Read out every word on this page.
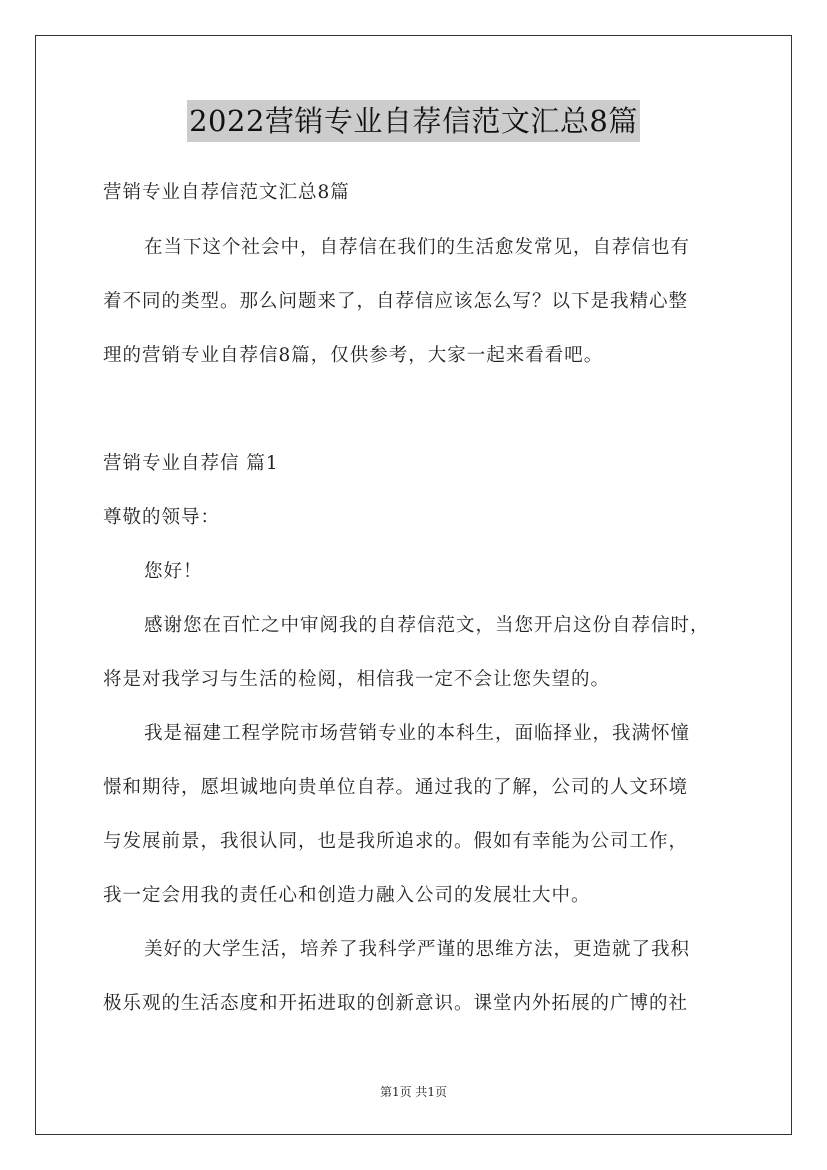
2022营销专业自荐信范文汇总8篇
营销专业自荐信范文汇总8篇
在当下这个社会中，自荐信在我们的生活愈发常见，自荐信也有
着不同的类型。那么问题来了，自荐信应该怎么写？以下是我精心整
理的营销专业自荐信8篇，仅供参考，大家一起来看看吧。
营销专业自荐信 篇1
尊敬的领导：
您好！
感谢您在百忙之中审阅我的自荐信范文，当您开启这份自荐信时，
将是对我学习与生活的检阅，相信我一定不会让您失望的。
我是福建工程学院市场营销专业的本科生，面临择业，我满怀憧
憬和期待，愿坦诚地向贵单位自荐。通过我的了解，公司的人文环境
与发展前景，我很认同，也是我所追求的。假如有幸能为公司工作，
我一定会用我的责任心和创造力融入公司的发展壮大中。
美好的大学生活，培养了我科学严谨的思维方法，更造就了我积
极乐观的生活态度和开拓进取的创新意识。课堂内外拓展的广博的社
第1页 共1页
